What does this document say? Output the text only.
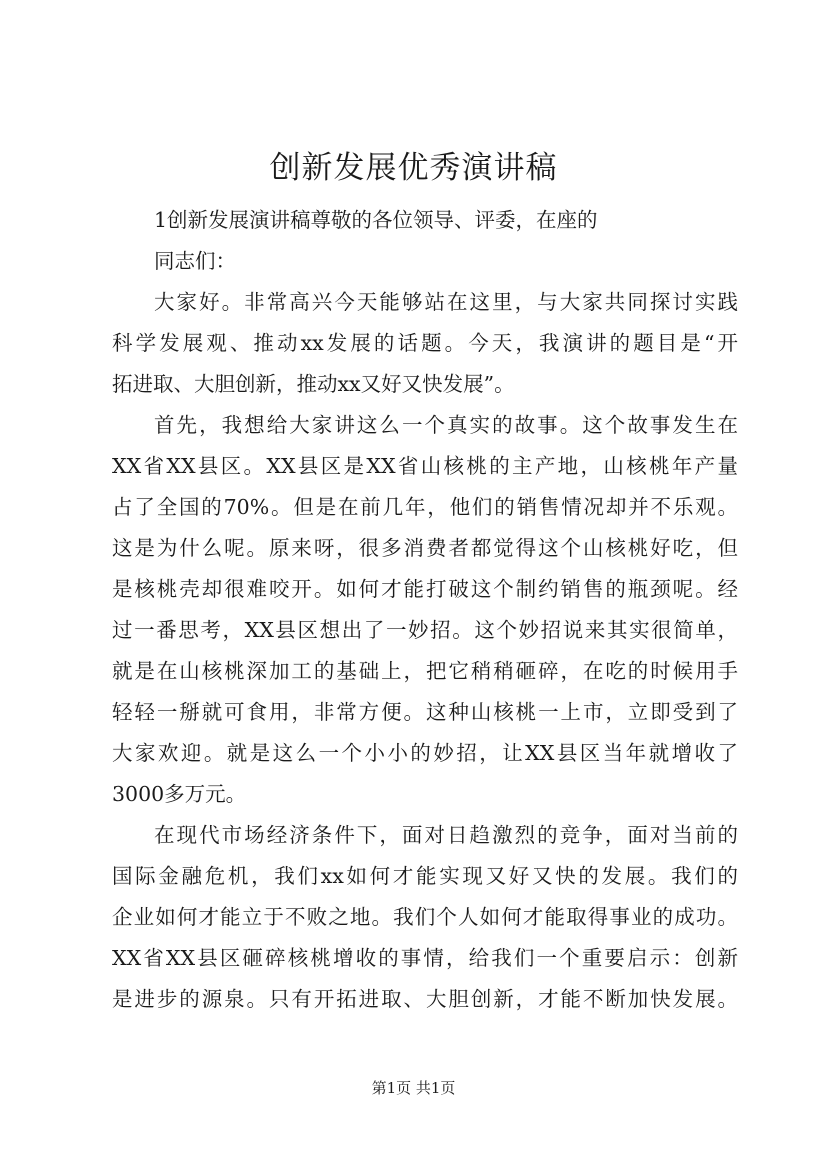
创新发展优秀演讲稿
1创新发展演讲稿尊敬的各位领导、评委，在座的
同志们：
大家好。非常高兴今天能够站在这里，与大家共同探讨实践
科学发展观、推动xx发展的话题。今天，我演讲的题目是“开
拓进取、大胆创新，推动xx又好又快发展”。
首先，我想给大家讲这么一个真实的故事。这个故事发生在
XX省XX县区。XX县区是XX省山核桃的主产地，山核桃年产量
占了全国的70%。但是在前几年，他们的销售情况却并不乐观。
这是为什么呢。原来呀，很多消费者都觉得这个山核桃好吃，但
是核桃壳却很难咬开。如何才能打破这个制约销售的瓶颈呢。经
过一番思考，XX县区想出了一妙招。这个妙招说来其实很简单，
就是在山核桃深加工的基础上，把它稍稍砸碎，在吃的时候用手
轻轻一掰就可食用，非常方便。这种山核桃一上市，立即受到了
大家欢迎。就是这么一个小小的妙招，让XX县区当年就增收了
3000多万元。
在现代市场经济条件下，面对日趋激烈的竞争，面对当前的
国际金融危机，我们xx如何才能实现又好又快的发展。我们的
企业如何才能立于不败之地。我们个人如何才能取得事业的成功。
XX省XX县区砸碎核桃增收的事情，给我们一个重要启示：创新
是进步的源泉。只有开拓进取、大胆创新，才能不断加快发展。
第1页 共1页
